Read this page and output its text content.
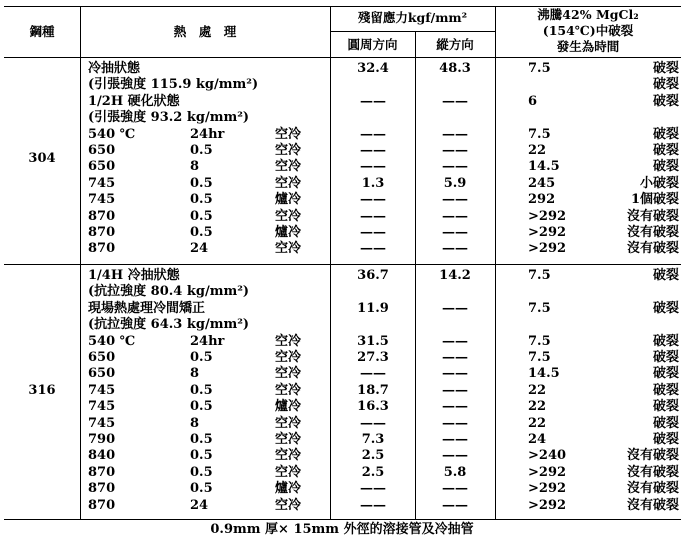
鋼種	熱　處　理
殘留應力kgf/mm²
圓周方向	縱方向
沸騰42% MgCl₂
(154℃)中破裂
發生為時間
304
冷抽狀態	32.4	48.3	7.5	破裂
(引張強度 115.9 kg/mm²)	破裂
1/2H 硬化狀態	——	——	6	破裂
(引張強度 93.2 kg/mm²)
540 ℃	24hr	空冷	——	——	7.5	破裂
650	0.5	空冷	——	——	22	破裂
650	8	空冷	——	——	14.5	破裂
745	0.5	空冷	1.3	5.9	245	小破裂
745	0.5	爐冷	——	——	292	1個破裂
870	0.5	空冷	——	——	>292	沒有破裂
870	0.5	爐冷	——	——	>292	沒有破裂
870	24	空冷	——	——	>292	沒有破裂
316
1/4H 冷抽狀態	36.7	14.2	7.5	破裂
(抗拉強度 80.4 kg/mm²)
現場熱處理冷間矯正	11.9	——	7.5	破裂
(抗拉強度 64.3 kg/mm²)
540 ℃	24hr	空冷	31.5	——	7.5	破裂
650	0.5	空冷	27.3	——	7.5	破裂
650	8	空冷	——	——	14.5	破裂
745	0.5	空冷	18.7	——	22	破裂
745	0.5	爐冷	16.3	——	22	破裂
745	8	空冷	——	——	22	破裂
790	0.5	空冷	7.3	——	24	破裂
840	0.5	空冷	2.5	——	>240	沒有破裂
870	0.5	空冷	2.5	5.8	>292	沒有破裂
870	0.5	爐冷	——	——	>292	沒有破裂
870	24	空冷	——	——	>292	沒有破裂
0.9mm 厚× 15mm 外徑的溶接管及冷抽管
